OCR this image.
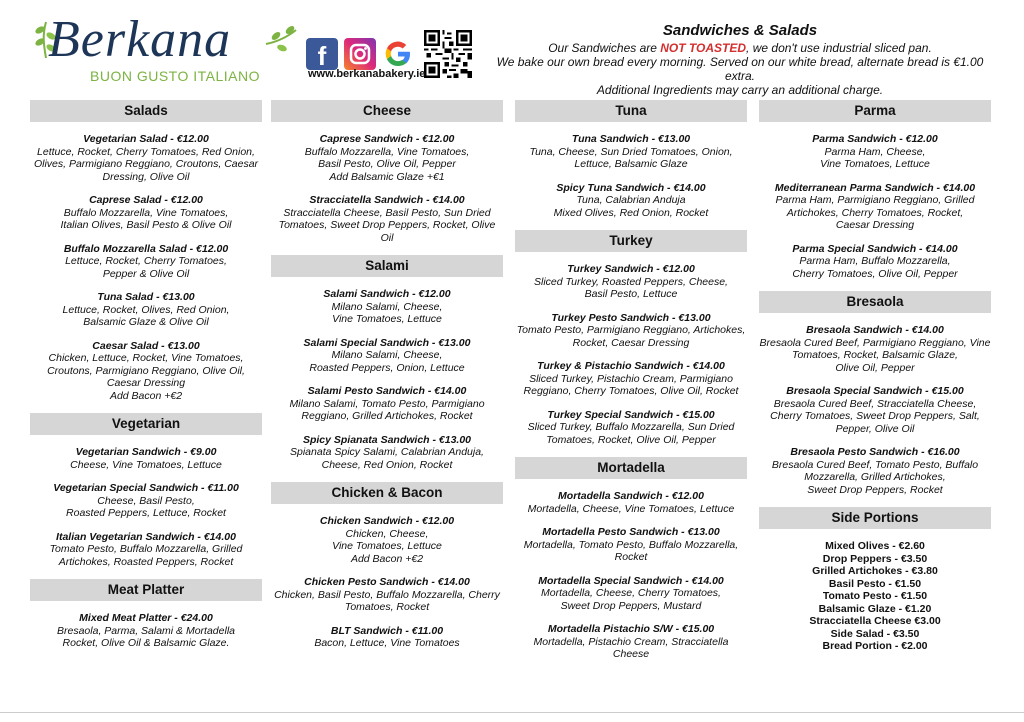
Berkana
BUON GUSTO ITALIANO
f
www.berkanabakery.ie
Sandwiches & Salads
Our Sandwiches are NOT TOASTED, we don't use industrial sliced pan.
We bake our own bread every morning. Served on our white bread, alternate bread is €1.00 extra.
Additional Ingredients may carry an additional charge.
Salads
Vegetarian Salad - €12.00
Lettuce, Rocket, Cherry Tomatoes, Red Onion,
Olives, Parmigiano Reggiano, Croutons, Caesar
Dressing, Olive Oil
Caprese Salad - €12.00
Buffalo Mozzarella, Vine Tomatoes,
Italian Olives, Basil Pesto & Olive Oil
Buffalo Mozzarella Salad - €12.00
Lettuce, Rocket, Cherry Tomatoes,
Pepper & Olive Oil
Tuna Salad - €13.00
Lettuce, Rocket, Olives, Red Onion,
Balsamic Glaze & Olive Oil
Caesar Salad - €13.00
Chicken, Lettuce, Rocket, Vine Tomatoes,
Croutons, Parmigiano Reggiano, Olive Oil,
Caesar Dressing
Add Bacon +€2
Vegetarian
Vegetarian Sandwich - €9.00
Cheese, Vine Tomatoes, Lettuce
Vegetarian Special Sandwich - €11.00
Cheese, Basil Pesto,
Roasted Peppers, Lettuce, Rocket
Italian Vegetarian Sandwich - €14.00
Tomato Pesto, Buffalo Mozzarella, Grilled
Artichokes, Roasted Peppers, Rocket
Meat Platter
Mixed Meat Platter - €24.00
Bresaola, Parma, Salami & Mortadella
Rocket, Olive Oil & Balsamic Glaze.
Cheese
Caprese Sandwich - €12.00
Buffalo Mozzarella, Vine Tomatoes,
Basil Pesto, Olive Oil, Pepper
Add Balsamic Glaze +€1
Stracciatella Sandwich - €14.00
Stracciatella Cheese, Basil Pesto, Sun Dried
Tomatoes, Sweet Drop Peppers, Rocket, Olive Oil
Salami
Salami Sandwich - €12.00
Milano Salami, Cheese,
Vine Tomatoes, Lettuce
Salami Special Sandwich - €13.00
Milano Salami, Cheese,
Roasted Peppers, Onion, Lettuce
Salami Pesto Sandwich - €14.00
Milano Salami, Tomato Pesto, Parmigiano
Reggiano, Grilled Artichokes, Rocket
Spicy Spianata Sandwich - €13.00
Spianata Spicy Salami, Calabrian Anduja,
Cheese, Red Onion, Rocket
Chicken & Bacon
Chicken Sandwich - €12.00
Chicken, Cheese,
Vine Tomatoes, Lettuce
Add Bacon +€2
Chicken Pesto Sandwich - €14.00
Chicken, Basil Pesto, Buffalo Mozzarella, Cherry
Tomatoes, Rocket
BLT Sandwich - €11.00
Bacon, Lettuce, Vine Tomatoes
Tuna
Tuna Sandwich - €13.00
Tuna, Cheese, Sun Dried Tomatoes, Onion,
Lettuce, Balsamic Glaze
Spicy Tuna Sandwich - €14.00
Tuna, Calabrian Anduja
Mixed Olives, Red Onion, Rocket
Turkey
Turkey Sandwich - €12.00
Sliced Turkey, Roasted Peppers, Cheese,
Basil Pesto, Lettuce
Turkey Pesto Sandwich - €13.00
Tomato Pesto, Parmigiano Reggiano, Artichokes,
Rocket, Caesar Dressing
Turkey & Pistachio Sandwich - €14.00
Sliced Turkey, Pistachio Cream, Parmigiano
Reggiano, Cherry Tomatoes, Olive Oil, Rocket
Turkey Special Sandwich - €15.00
Sliced Turkey, Buffalo Mozzarella, Sun Dried
Tomatoes, Rocket, Olive Oil, Pepper
Mortadella
Mortadella Sandwich - €12.00
Mortadella, Cheese, Vine Tomatoes, Lettuce
Mortadella Pesto Sandwich - €13.00
Mortadella, Tomato Pesto, Buffalo Mozzarella,
Rocket
Mortadella Special Sandwich - €14.00
Mortadella, Cheese, Cherry Tomatoes,
Sweet Drop Peppers, Mustard
Mortadella Pistachio S/W - €15.00
Mortadella, Pistachio Cream, Stracciatella Cheese
Parma
Parma Sandwich - €12.00
Parma Ham, Cheese,
Vine Tomatoes, Lettuce
Mediterranean Parma Sandwich - €14.00
Parma Ham, Parmigiano Reggiano, Grilled
Artichokes, Cherry Tomatoes, Rocket,
Caesar Dressing
Parma Special Sandwich - €14.00
Parma Ham, Buffalo Mozzarella,
Cherry Tomatoes, Olive Oil, Pepper
Bresaola
Bresaola Sandwich - €14.00
Bresaola Cured Beef, Parmigiano Reggiano, Vine
Tomatoes, Rocket, Balsamic Glaze,
Olive Oil, Pepper
Bresaola Special Sandwich - €15.00
Bresaola Cured Beef, Stracciatella Cheese,
Cherry Tomatoes, Sweet Drop Peppers, Salt,
Pepper, Olive Oil
Bresaola Pesto Sandwich - €16.00
Bresaola Cured Beef, Tomato Pesto, Buffalo
Mozzarella, Grilled Artichokes,
Sweet Drop Peppers, Rocket
Side Portions
Mixed Olives - €2.60
Drop Peppers - €3.50
Grilled Artichokes - €3.80
Basil Pesto - €1.50
Tomato Pesto - €1.50
Balsamic Glaze - €1.20
Stracciatella Cheese €3.00
Side Salad - €3.50
Bread Portion - €2.00
